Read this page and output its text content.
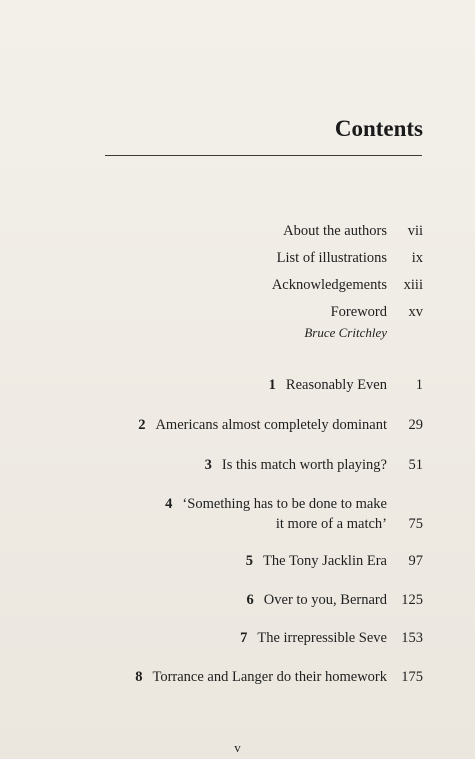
Contents
About the authors	vii
List of illustrations	ix
Acknowledgements xiii
Foreword	xv
Bruce Critchley
1 Reasonably Even	1
2 Americans almost completely dominant	29
3 Is this match worth playing?	51
4 ‘Something has to be done to make
it more of a match’	75
5 The Tony Jacklin Era	97
6 Over to you, Bernard 125
7 The irrepressible Seve 153
8 Torrance and Langer do their homework 175
v
